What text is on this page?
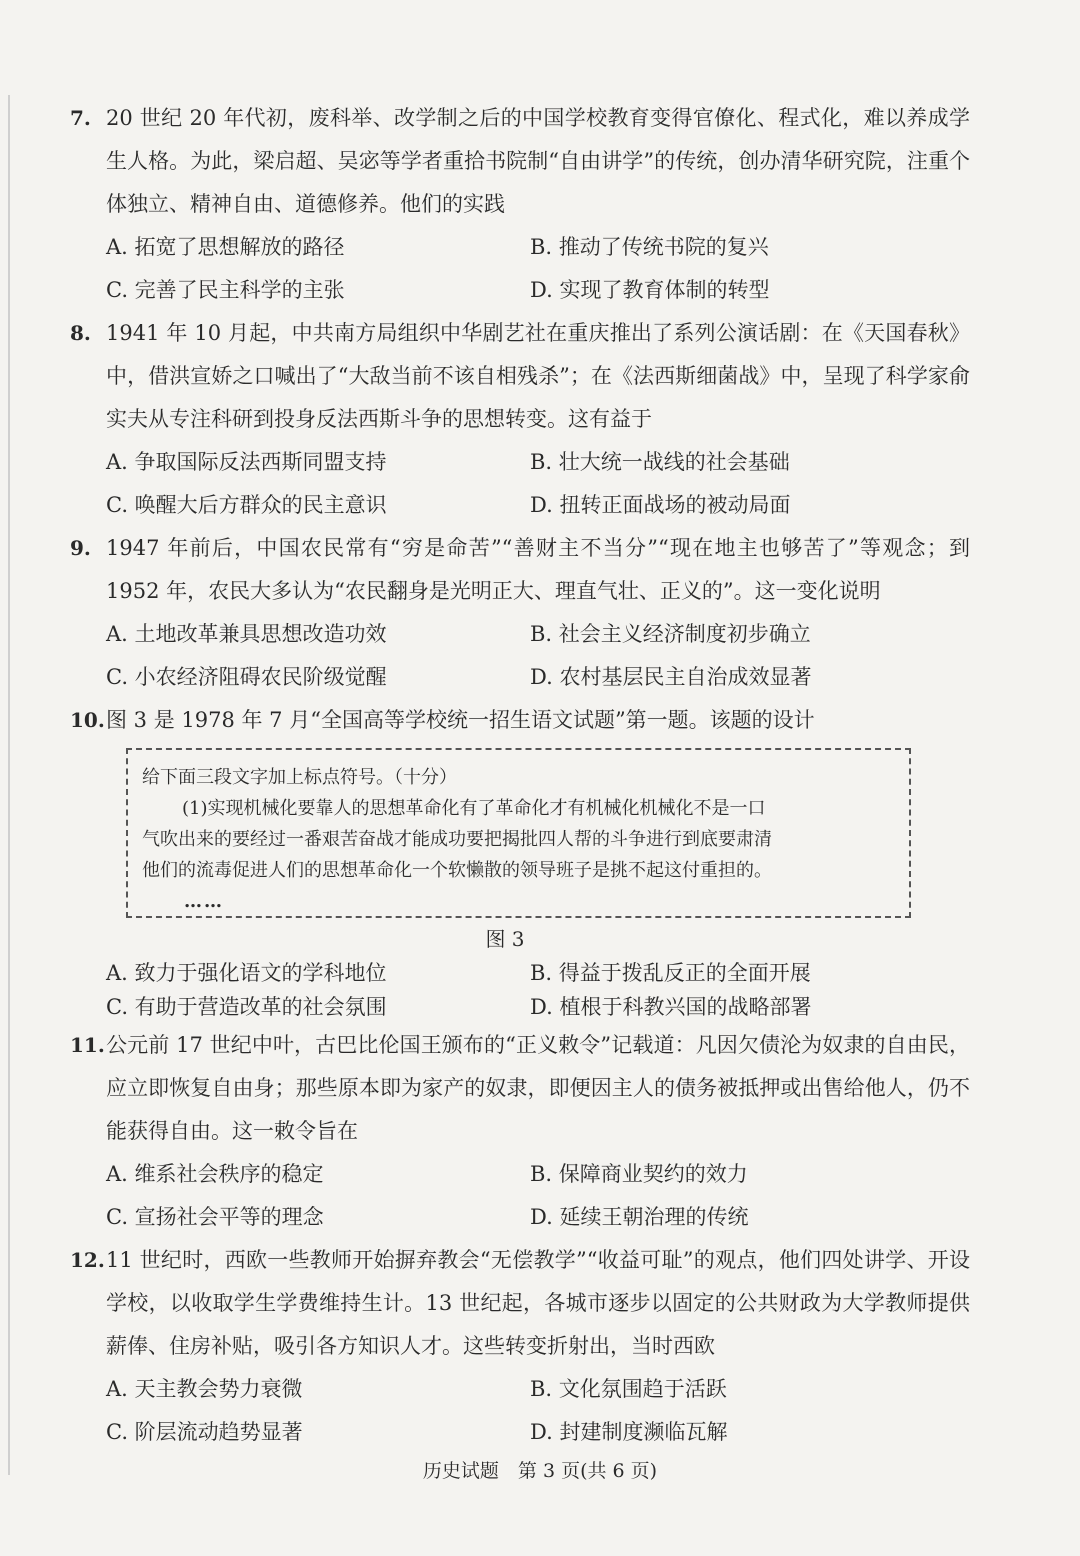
7. 20 世纪 20 年代初，废科举、改学制之后的中国学校教育变得官僚化、程式化，难以养成学生人格。为此，梁启超、吴宓等学者重拾书院制“自由讲学”的传统，创办清华研究院，注重个体独立、精神自由、道德修养。他们的实践
A. 拓宽了思想解放的路径	B. 推动了传统书院的复兴
C. 完善了民主科学的主张	D. 实现了教育体制的转型
8. 1941 年 10 月起，中共南方局组织中华剧艺社在重庆推出了系列公演话剧：在《天国春秋》中，借洪宣娇之口喊出了“大敌当前不该自相残杀”；在《法西斯细菌战》中，呈现了科学家俞实夫从专注科研到投身反法西斯斗争的思想转变。这有益于
A. 争取国际反法西斯同盟支持	B. 壮大统一战线的社会基础
C. 唤醒大后方群众的民主意识	D. 扭转正面战场的被动局面
9. 1947 年前后，中国农民常有“穷是命苦”“善财主不当分”“现在地主也够苦了”等观念；到 1952 年，农民大多认为“农民翻身是光明正大、理直气壮、正义的”。这一变化说明
A. 土地改革兼具思想改造功效	B. 社会主义经济制度初步确立
C. 小农经济阻碍农民阶级觉醒	D. 农村基层民主自治成效显著
10. 图 3 是 1978 年 7 月“全国高等学校统一招生语文试题”第一题。该题的设计
给下面三段文字加上标点符号。（十分）
(1)实现机械化要靠人的思想革命化有了革命化才有机械化机械化不是一口
气吹出来的要经过一番艰苦奋战才能成功要把揭批四人帮的斗争进行到底要肃清
他们的流毒促进人们的思想革命化一个软懒散的领导班子是挑不起这付重担的。
……
图 3
A. 致力于强化语文的学科地位	B. 得益于拨乱反正的全面开展
C. 有助于营造改革的社会氛围	D. 植根于科教兴国的战略部署
11. 公元前 17 世纪中叶，古巴比伦国王颁布的“正义敕令”记载道：凡因欠债沦为奴隶的自由民，应立即恢复自由身；那些原本即为家产的奴隶，即便因主人的债务被抵押或出售给他人，仍不能获得自由。这一敕令旨在
A. 维系社会秩序的稳定	B. 保障商业契约的效力
C. 宣扬社会平等的理念	D. 延续王朝治理的传统
12. 11 世纪时，西欧一些教师开始摒弃教会“无偿教学”“收益可耻”的观点，他们四处讲学、开设学校，以收取学生学费维持生计。13 世纪起，各城市逐步以固定的公共财政为大学教师提供薪俸、住房补贴，吸引各方知识人才。这些转变折射出，当时西欧
A. 天主教会势力衰微	B. 文化氛围趋于活跃
C. 阶层流动趋势显著	D. 封建制度濒临瓦解
历史试题　第 3 页(共 6 页)
